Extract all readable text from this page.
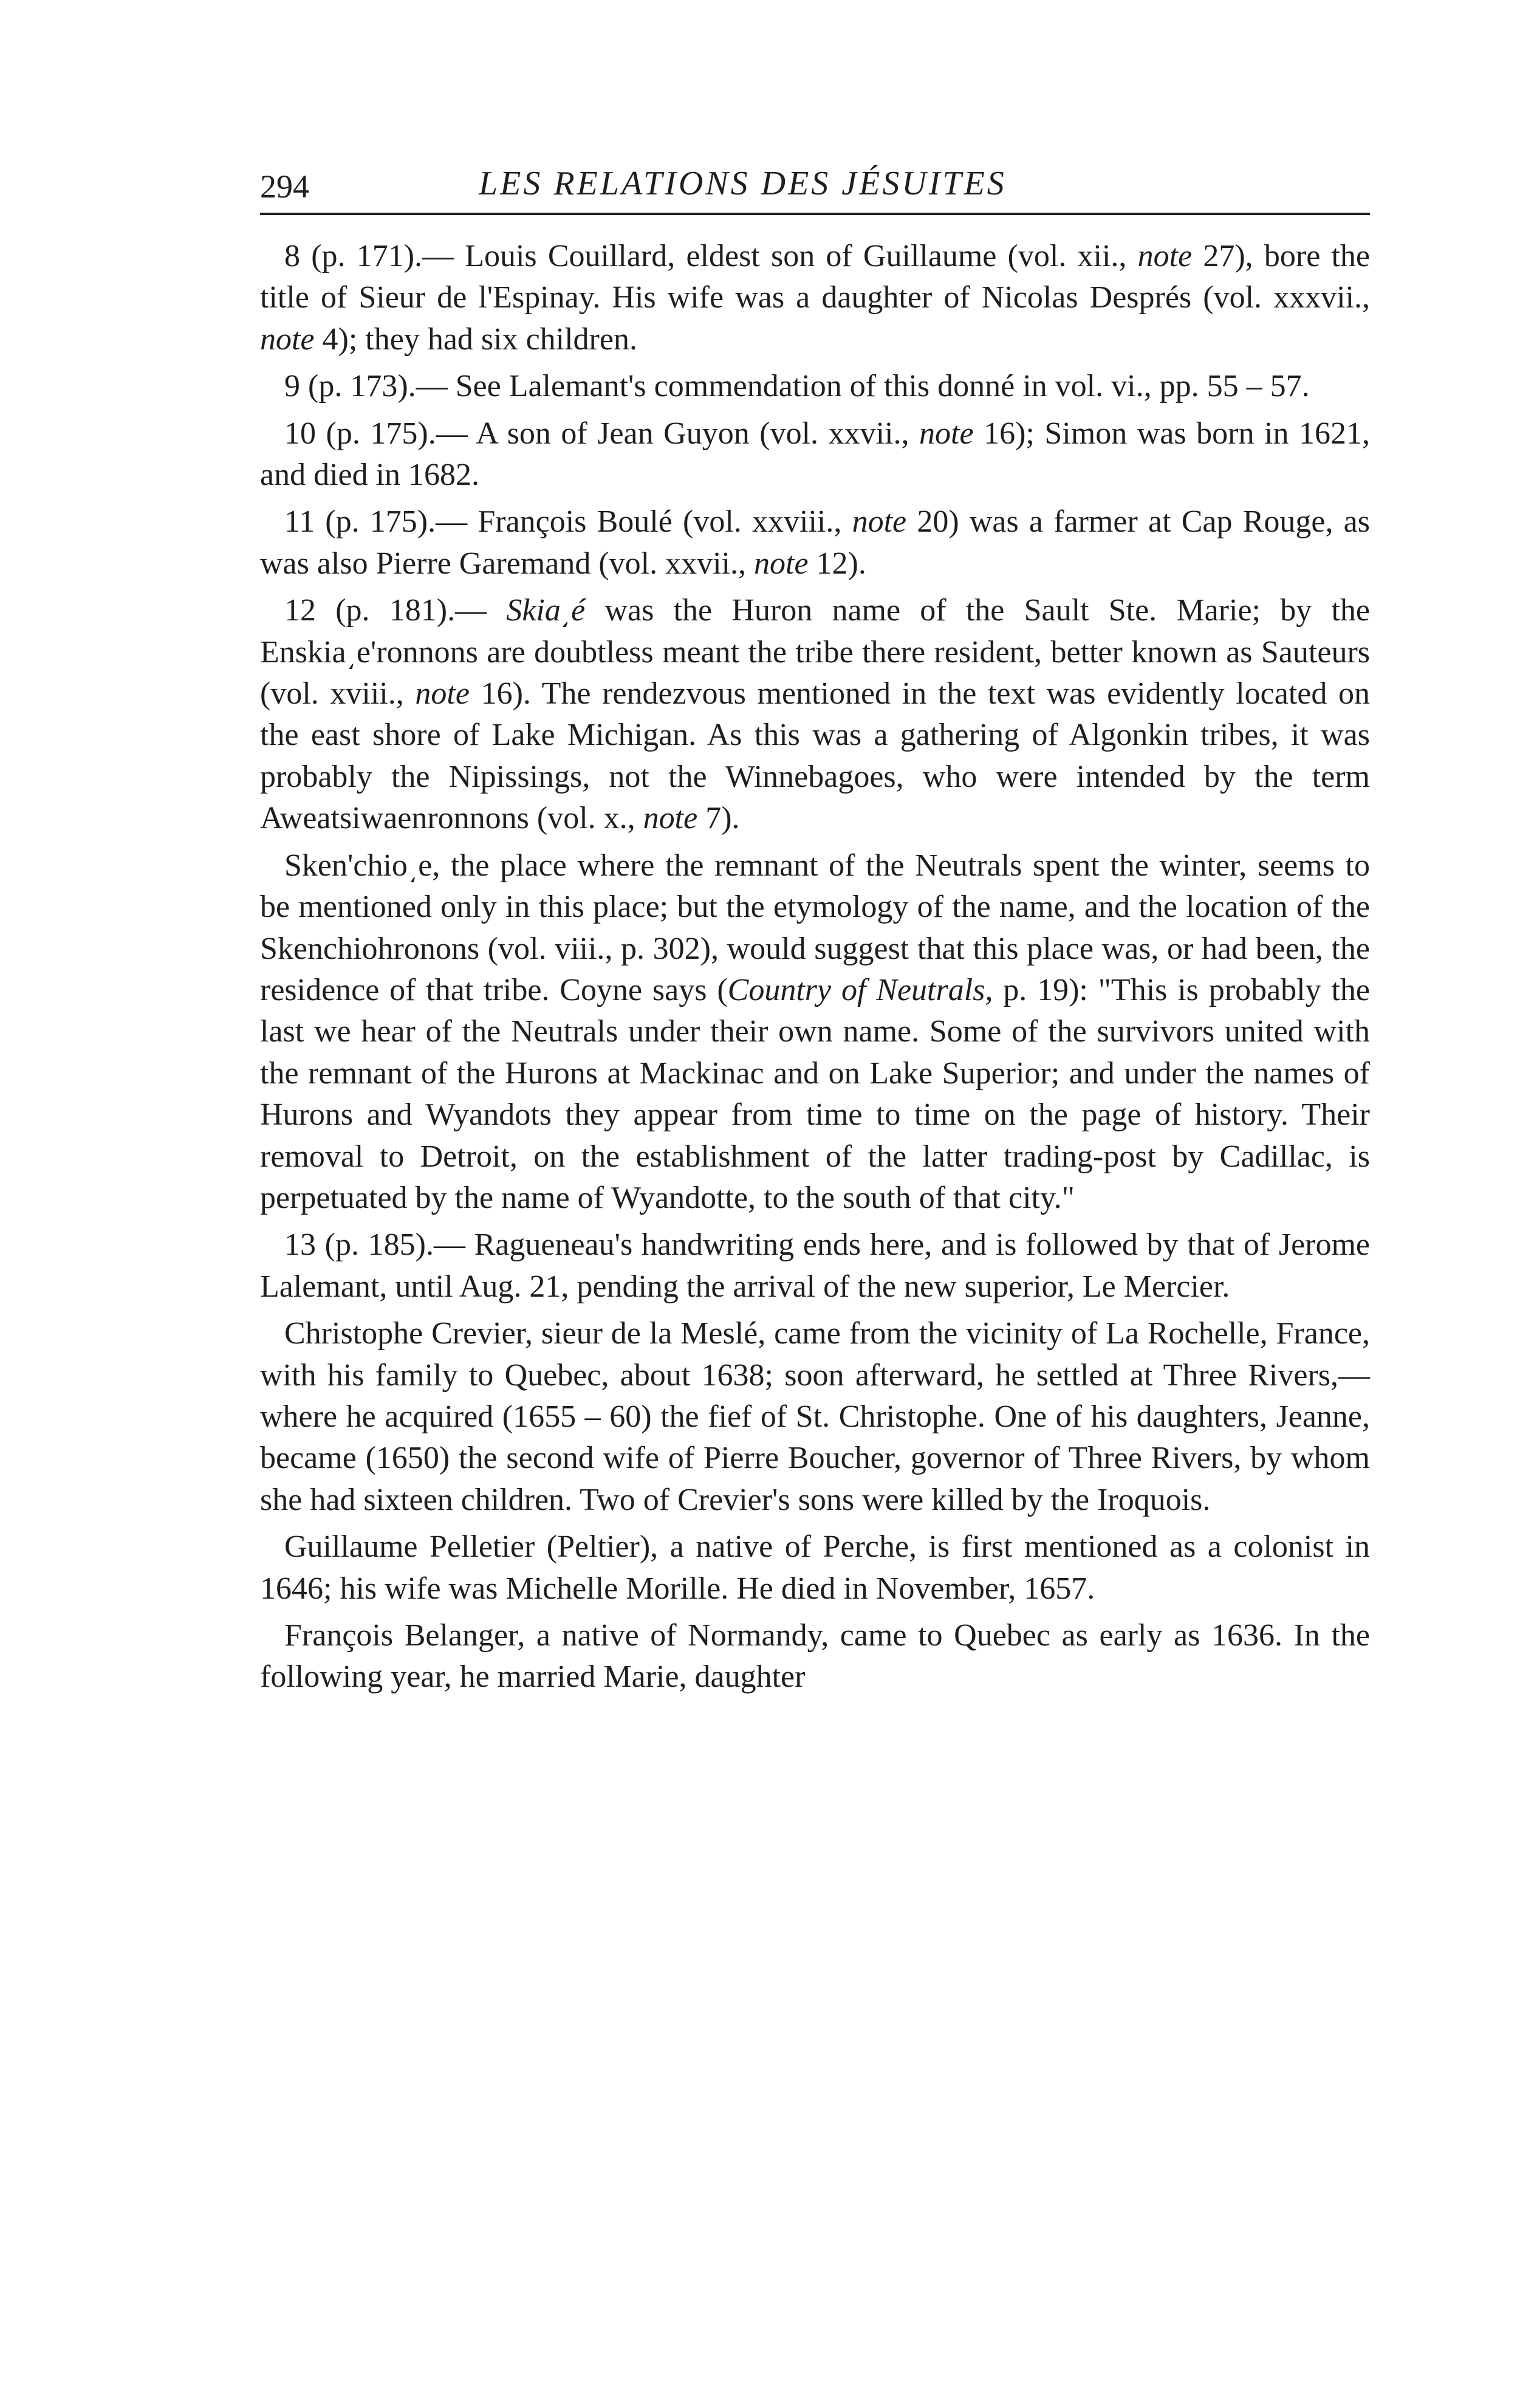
294	LES RELATIONS DES JÉSUITES

8 (p. 171).— Louis Couillard, eldest son of Guillaume (vol. xii., note 27), bore the title of Sieur de l'Espinay. His wife was a daughter of Nicolas Després (vol. xxxvii., note 4); they had six children.

9 (p. 173).— See Lalemant's commendation of this donné in vol. vi., pp. 55 – 57.

10 (p. 175).— A son of Jean Guyon (vol. xxvii., note 16); Simon was born in 1621, and died in 1682.

11 (p. 175).— François Boulé (vol. xxviii., note 20) was a farmer at Cap Rouge, as was also Pierre Garemand (vol. xxvii., note 12).

12 (p. 181).— Skia͵é was the Huron name of the Sault Ste. Marie; by the Enskia͵e'ronnons are doubtless meant the tribe there resident, better known as Sauteurs (vol. xviii., note 16). The rendezvous mentioned in the text was evidently located on the east shore of Lake Michigan. As this was a gathering of Algonkin tribes, it was probably the Nipissings, not the Winnebagoes, who were intended by the term Aweatsiwaenronnons (vol. x., note 7).

Sken'chio͵e, the place where the remnant of the Neutrals spent the winter, seems to be mentioned only in this place; but the etymology of the name, and the location of the Skenchiohronons (vol. viii., p. 302), would suggest that this place was, or had been, the residence of that tribe. Coyne says (Country of Neutrals, p. 19): "This is probably the last we hear of the Neutrals under their own name. Some of the survivors united with the remnant of the Hurons at Mackinac and on Lake Superior; and under the names of Hurons and Wyandots they appear from time to time on the page of history. Their removal to Detroit, on the establishment of the latter trading-post by Cadillac, is perpetuated by the name of Wyandotte, to the south of that city."

13 (p. 185).— Ragueneau's handwriting ends here, and is followed by that of Jerome Lalemant, until Aug. 21, pending the arrival of the new superior, Le Mercier.

Christophe Crevier, sieur de la Meslé, came from the vicinity of La Rochelle, France, with his family to Quebec, about 1638; soon afterward, he settled at Three Rivers,— where he acquired (1655 – 60) the fief of St. Christophe. One of his daughters, Jeanne, became (1650) the second wife of Pierre Boucher, governor of Three Rivers, by whom she had sixteen children. Two of Crevier's sons were killed by the Iroquois.

Guillaume Pelletier (Peltier), a native of Perche, is first mentioned as a colonist in 1646; his wife was Michelle Morille. He died in November, 1657.

François Belanger, a native of Normandy, came to Quebec as early as 1636. In the following year, he married Marie, daughter
